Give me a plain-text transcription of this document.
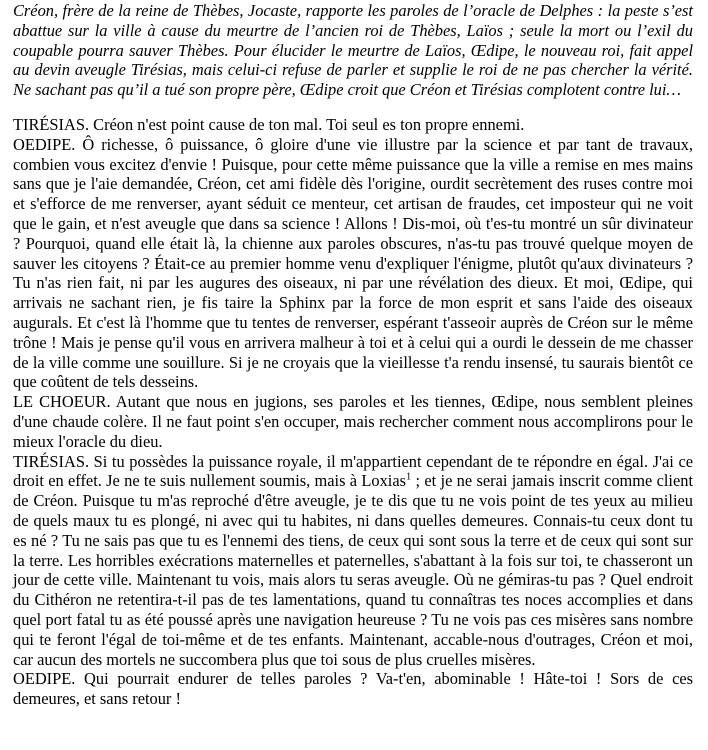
Créon, frère de la reine de Thèbes, Jocaste, rapporte les paroles de l’oracle de Delphes : la peste s’est abattue sur la ville à cause du meurtre de l’ancien roi de Thèbes, Laïos ; seule la mort ou l’exil du coupable pourra sauver Thèbes. Pour élucider le meurtre de Laïos, Œdipe, le nouveau roi, fait appel au devin aveugle Tirésias, mais celui-ci refuse de parler et supplie le roi de ne pas chercher la vérité. Ne sachant pas qu’il a tué son propre père, Œdipe croit que Créon et Tirésias complotent contre lui…

TIRÉSIAS. Créon n'est point cause de ton mal. Toi seul es ton propre ennemi.

OEDIPE. Ô richesse, ô puissance, ô gloire d'une vie illustre par la science et par tant de travaux, combien vous excitez d'envie ! Puisque, pour cette même puissance que la ville a remise en mes mains sans que je l'aie demandée, Créon, cet ami fidèle dès l'origine, ourdit secrètement des ruses contre moi et s'efforce de me renverser, ayant séduit ce menteur, cet artisan de fraudes, cet imposteur qui ne voit que le gain, et n'est aveugle que dans sa science ! Allons ! Dis-moi, où t'es-tu montré un sûr divinateur ? Pourquoi, quand elle était là, la chienne aux paroles obscures, n'as-tu pas trouvé quelque moyen de sauver les citoyens ? Était-ce au premier homme venu d'expliquer l'énigme, plutôt qu'aux divinateurs ? Tu n'as rien fait, ni par les augures des oiseaux, ni par une révélation des dieux. Et moi, Œdipe, qui arrivais ne sachant rien, je fis taire la Sphinx par la force de mon esprit et sans l'aide des oiseaux augurals. Et c'est là l'homme que tu tentes de renverser, espérant t'asseoir auprès de Créon sur le même trône ! Mais je pense qu'il vous en arrivera malheur à toi et à celui qui a ourdi le dessein de me chasser de la ville comme une souillure. Si je ne croyais que la vieillesse t'a rendu insensé, tu saurais bientôt ce que coûtent de tels desseins.

LE CHOEUR. Autant que nous en jugions, ses paroles et les tiennes, Œdipe, nous semblent pleines d'une chaude colère. Il ne faut point s'en occuper, mais rechercher comment nous accomplirons pour le mieux l'oracle du dieu.

TIRÉSIAS. Si tu possèdes la puissance royale, il m'appartient cependant de te répondre en égal. J'ai ce droit en effet. Je ne te suis nullement soumis, mais à Loxias$^1$ ; et je ne serai jamais inscrit comme client de Créon. Puisque tu m'as reproché d'être aveugle, je te dis que tu ne vois point de tes yeux au milieu de quels maux tu es plongé, ni avec qui tu habites, ni dans quelles demeures. Connais-tu ceux dont tu es né ? Tu ne sais pas que tu es l'ennemi des tiens, de ceux qui sont sous la terre et de ceux qui sont sur la terre. Les horribles exécrations maternelles et paternelles, s'abattant à la fois sur toi, te chasseront un jour de cette ville. Maintenant tu vois, mais alors tu seras aveugle. Où ne gémiras-tu pas ? Quel endroit du Cithéron ne retentira-t-il pas de tes lamentations, quand tu connaîtras tes noces accomplies et dans quel port fatal tu as été poussé après une navigation heureuse ? Tu ne vois pas ces misères sans nombre qui te feront l'égal de toi-même et de tes enfants. Maintenant, accable-nous d'outrages, Créon et moi, car aucun des mortels ne succombera plus que toi sous de plus cruelles misères.

OEDIPE. Qui pourrait endurer de telles paroles ? Va-t'en, abominable ! Hâte-toi ! Sors de ces demeures, et sans retour !
